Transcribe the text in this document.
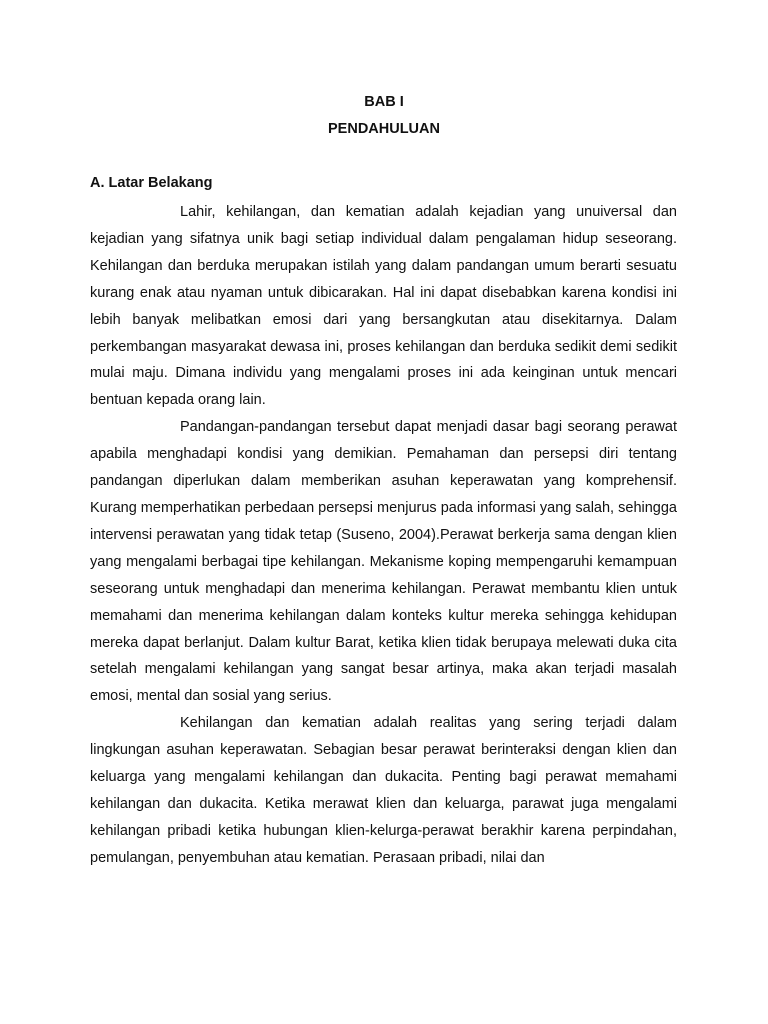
BAB I
PENDAHULUAN
A. Latar Belakang

Lahir, kehilangan, dan kematian adalah kejadian yang unuiversal dan kejadian yang sifatnya unik bagi setiap individual dalam pengalaman hidup seseorang. Kehilangan dan berduka merupakan istilah yang dalam pandangan umum berarti sesuatu kurang enak atau nyaman untuk dibicarakan. Hal ini dapat disebabkan karena kondisi ini lebih banyak melibatkan emosi dari yang bersangkutan atau disekitarnya. Dalam perkembangan masyarakat dewasa ini, proses kehilangan dan berduka sedikit demi sedikit mulai maju. Dimana individu yang mengalami proses ini ada keinginan untuk mencari bentuan kepada orang lain.

Pandangan-pandangan tersebut dapat menjadi dasar bagi seorang perawat apabila menghadapi kondisi yang demikian. Pemahaman dan persepsi diri tentang pandangan diperlukan dalam memberikan asuhan keperawatan yang komprehensif. Kurang memperhatikan perbedaan persepsi menjurus pada informasi yang salah, sehingga intervensi perawatan yang tidak tetap (Suseno, 2004).Perawat berkerja sama dengan klien yang mengalami berbagai tipe kehilangan. Mekanisme koping mempengaruhi kemampuan seseorang untuk menghadapi dan menerima kehilangan. Perawat membantu klien untuk memahami dan menerima kehilangan dalam konteks kultur mereka sehingga kehidupan mereka dapat berlanjut. Dalam kultur Barat, ketika klien tidak berupaya melewati duka cita setelah mengalami kehilangan yang sangat besar artinya, maka akan terjadi masalah emosi, mental dan sosial yang serius.

Kehilangan dan kematian adalah realitas yang sering terjadi dalam lingkungan asuhan keperawatan. Sebagian besar perawat berinteraksi dengan klien dan keluarga yang mengalami kehilangan dan dukacita. Penting bagi perawat memahami kehilangan dan dukacita. Ketika merawat klien dan keluarga, parawat juga mengalami kehilangan pribadi ketika hubungan klien-kelurga-perawat berakhir karena perpindahan, pemulangan, penyembuhan atau kematian. Perasaan pribadi, nilai dan
